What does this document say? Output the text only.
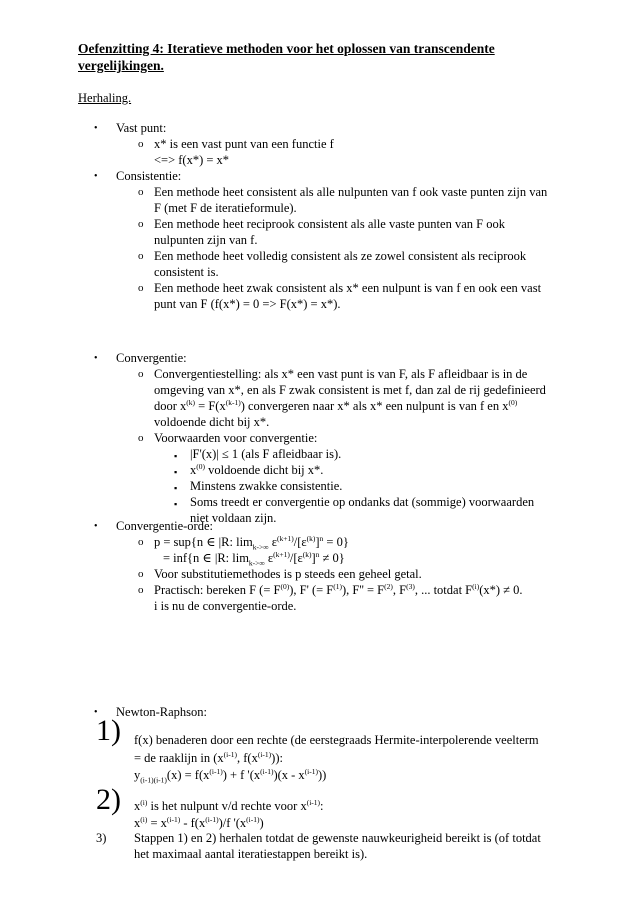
Oefenzitting 4: Iteratieve methoden voor het oplossen van transcendente
vergelijkingen.
Herhaling.
• Vast punt:
o x* is een vast punt van een functie f
<=> f(x*) = x*
• Consistentie:
o Een methode heet consistent als alle nulpunten van f ook vaste punten zijn van
F (met F de iteratieformule).
o Een methode heet reciprook consistent als alle vaste punten van F ook
nulpunten zijn van f.
o Een methode heet volledig consistent als ze zowel consistent als reciprook
consistent is.
o Een methode heet zwak consistent als x* een nulpunt is van f en ook een vast
punt van F (f(x*) = 0 => F(x*) = x*).
• Convergentie:
o Convergentiestelling: als x* een vast punt is van F, als F afleidbaar is in de
omgeving van x*, en als F zwak consistent is met f, dan zal de rij gedefinieerd
door $x^{(k)} = F(x^{(k-1)})$ convergeren naar x* als x* een nulpunt is van f en $x^{(0)}$
voldoende dicht bij x*.
o Voorwaarden voor convergentie:
▪ |F'(x)| ≤ 1 (als F afleidbaar is).
▪ $x^{(0)}$ voldoende dicht bij x*.
▪ Minstens zwakke consistentie.
▪ Soms treedt er convergentie op ondanks dat (sommige) voorwaarden
niet voldaan zijn.
• Convergentie-orde:
o p = sup{n ∈ |R: $\lim_{k->\infty} \varepsilon^{(k+1)}/[\varepsilon^{(k)}]^n = 0$}
= inf{n ∈ |R: $\lim_{k->\infty} \varepsilon^{(k+1)}/[\varepsilon^{(k)}]^n \ne 0$}
o Voor substitutiemethodes is p steeds een geheel getal.
o Practisch: bereken F (= $F^{(0)}$), F' (= $F^{(1)}$), $F'' = F^{(2)}$, $F^{(3)}$, ... totdat $F^{(i)}(x*) \ne 0$.
i is nu de convergentie-orde.
• Newton-Raphson:
1) f(x) benaderen door een rechte (de eerstegraads Hermite-interpolerende veelterm
= de raaklijn in ($x^{(i-1)}$, $f(x^{(i-1)})$):
$y_{(i-1)(i-1)}(x) = f(x^{(i-1)}) + f$ '$(x^{(i-1)})(x - x^{(i-1)})$)
2) $x^{(i)}$ is het nulpunt v/d rechte voor $x^{(i-1)}$:
$x^{(i)} = x^{(i-1)} - f(x^{(i-1)})/f$ '$(x^{(i-1)})$
3) Stappen 1) en 2) herhalen totdat de gewenste nauwkeurigheid bereikt is (of totdat
het maximaal aantal iteratiestappen bereikt is).
